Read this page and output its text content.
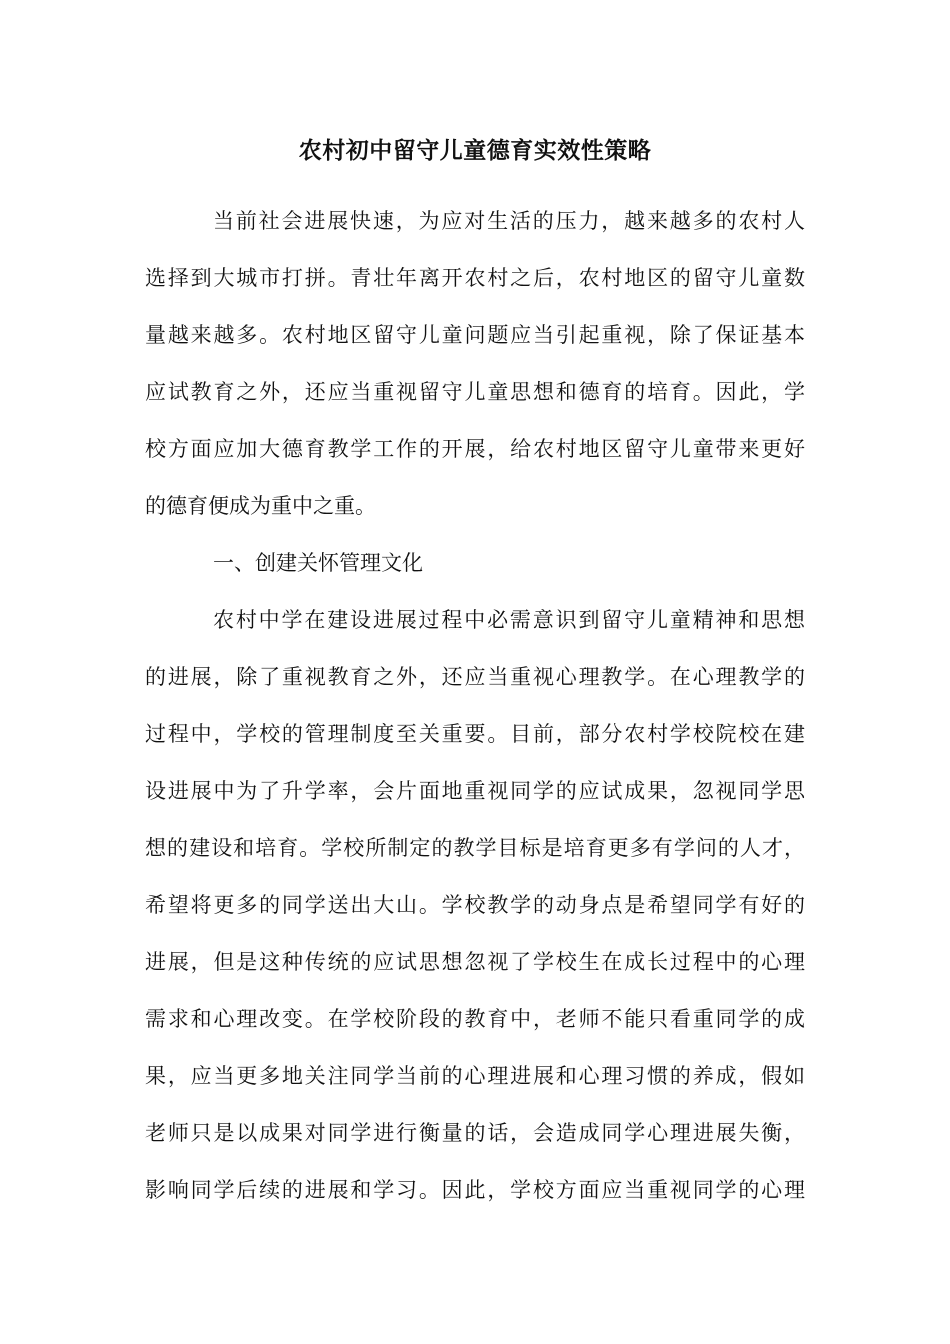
农村初中留守儿童德育实效性策略
当前社会进展快速，为应对生活的压力，越来越多的农村人
选择到大城市打拼。青壮年离开农村之后，农村地区的留守儿童数
量越来越多。农村地区留守儿童问题应当引起重视，除了保证基本
应试教育之外，还应当重视留守儿童思想和德育的培育。因此，学
校方面应加大德育教学工作的开展，给农村地区留守儿童带来更好
的德育便成为重中之重。
一、创建关怀管理文化
农村中学在建设进展过程中必需意识到留守儿童精神和思想
的进展，除了重视教育之外，还应当重视心理教学。在心理教学的
过程中，学校的管理制度至关重要。目前，部分农村学校院校在建
设进展中为了升学率，会片面地重视同学的应试成果，忽视同学思
想的建设和培育。学校所制定的教学目标是培育更多有学问的人才，
希望将更多的同学送出大山。学校教学的动身点是希望同学有好的
进展，但是这种传统的应试思想忽视了学校生在成长过程中的心理
需求和心理改变。在学校阶段的教育中，老师不能只看重同学的成
果，应当更多地关注同学当前的心理进展和心理习惯的养成，假如
老师只是以成果对同学进行衡量的话，会造成同学心理进展失衡，
影响同学后续的进展和学习。因此，学校方面应当重视同学的心理
